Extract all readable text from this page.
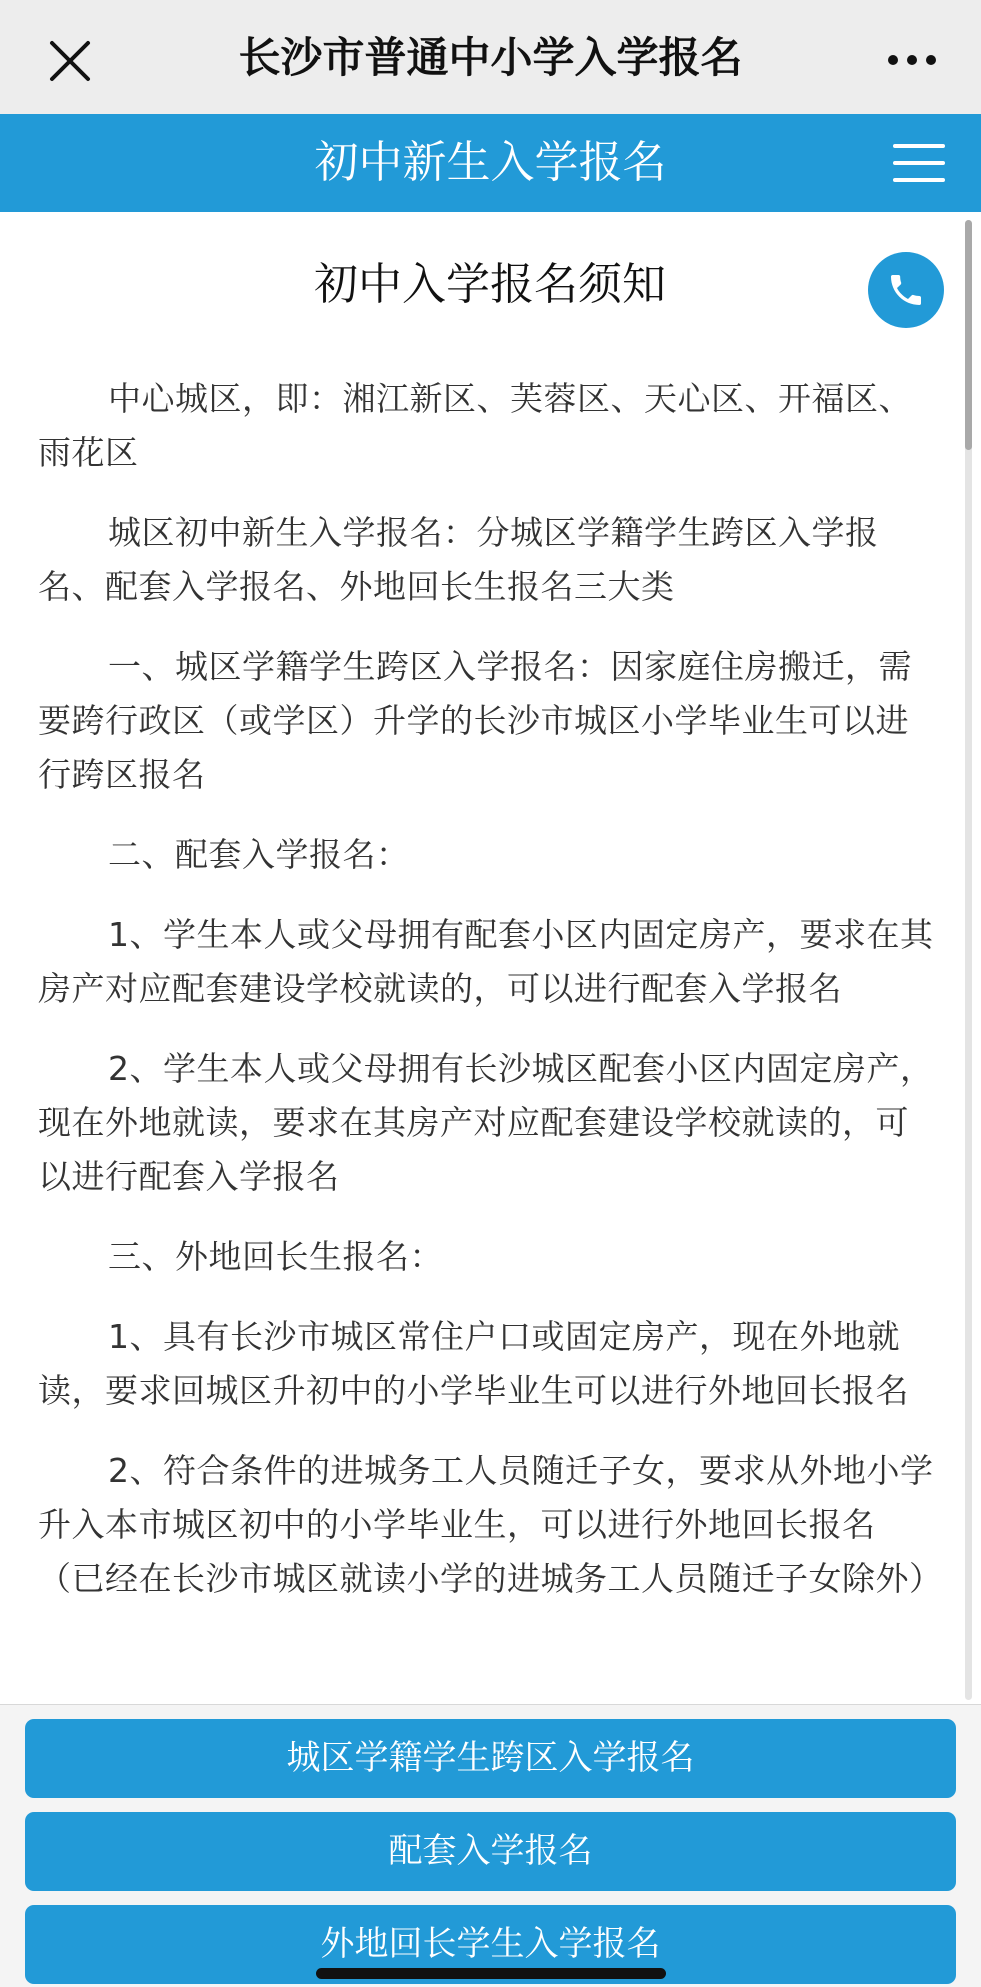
长沙市普通中小学入学报名
初中新生入学报名
初中入学报名须知

中心城区，即：湘江新区、芙蓉区、天心区、开福区、雨花区

城区初中新生入学报名：分城区学籍学生跨区入学报名、配套入学报名、外地回长生报名三大类

一、城区学籍学生跨区入学报名：因家庭住房搬迁，需要跨行政区（或学区）升学的长沙市城区小学毕业生可以进行跨区报名

二、配套入学报名：

1、学生本人或父母拥有配套小区内固定房产，要求在其房产对应配套建设学校就读的，可以进行配套入学报名

2、学生本人或父母拥有长沙城区配套小区内固定房产，现在外地就读，要求在其房产对应配套建设学校就读的，可以进行配套入学报名

三、外地回长生报名：

1、具有长沙市城区常住户口或固定房产，现在外地就读，要求回城区升初中的小学毕业生可以进行外地回长报名

2、符合条件的进城务工人员随迁子女，要求从外地小学升入本市城区初中的小学毕业生，可以进行外地回长报名（已经在长沙市城区就读小学的进城务工人员随迁子女除外）

城区学籍学生跨区入学报名
配套入学报名
外地回长学生入学报名
